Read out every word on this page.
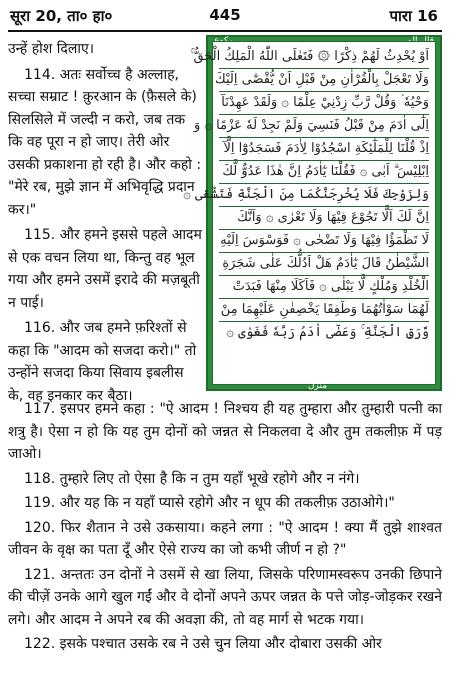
सूरा 20, ता० हा०	445	पारा 16

उन्हें होश दिलाए।

114. अतः सर्वोच्च है अल्लाह, सच्चा सम्राट ! क़ुरआन के (फ़ैसले के) सिलसिले में जल्दी न करो, जब तक कि वह पूरा न हो जाए। तेरी ओर उसकी प्रकाशना हो रही है। और कहो : "मेरे रब, मुझे ज्ञान में अभिवृद्धि प्रदान कर।"

115. और हमने इससे पहले आदम से एक वचन लिया था, किन्तु वह भूल गया और हमने उसमें इरादे की मज़बूती न पाई।

116. और जब हमने फ़रिश्तों से कहा कि "आदम को सजदा करो।" तो उन्होंने सजदा किया सिवाय इबलीस के, वह इनकार कर बैठा।

اَوْ يُحْدِثُ لَهُمْ ذِكْرًا ۞ فَتَعٰلَى اللّٰهُ الْمَلِكُ الْحَقُّ ۚ
وَلَا تَعْجَلْ بِالْقُرْاٰنِ مِنْ قَبْلِ اَنْ يُّقْضٰٓى اِلَيْكَ
وَحْيُهٗ ۡ وَقُلْ رَّبِّ زِدْنِيْ عِلْمًا ۞ وَلَقَدْ عَهِدْنَآ
اِلٰٓى اٰدَمَ مِنْ قَبْلُ فَنَسِيَ وَلَمْ نَجِدْ لَهٗ عَزْمًا ۞ وَ
اِذْ قُلْنَا لِلْمَلٰٓئِكَةِ اسْجُدُوْا لِاٰدَمَ فَسَجَدُوْٓا اِلَّآ
اِبْلِيْسَ ۗ اَبٰى ۞ فَقُلْنَا يٰٓاٰدَمُ اِنَّ هٰذَا عَدُوٌّ لَّكَ
وَلِزَوْجِكَ فَلَا يُخْرِجَنَّكُمَا مِنَ الْجَنَّةِ فَتَشْقٰى ۞
اِنَّ لَكَ اَلَّا تَجُوْعَ فِيْهَا وَلَا تَعْرٰى ۞ وَاَنَّكَ
لَا تَظْمَؤُا فِيْهَا وَلَا تَضْحٰى ۞ فَوَسْوَسَ اِلَيْهِ
الشَّيْطٰنُ قَالَ يٰٓاٰدَمُ هَلْ اَدُلُّكَ عَلٰى شَجَرَةِ
الْخُلْدِ وَمُلْكٍ لَّا يَبْلٰى ۞ فَاَكَلَا مِنْهَا فَبَدَتْ
لَهُمَا سَوْاٰتُهُمَا وَطَفِقَا يَخْصِفٰنِ عَلَيْهِمَا مِنْ
وَّرَقِ الْجَنَّةِ ۚ وَعَصٰٓى اٰدَمُ رَبَّهٗ فَغَوٰى ۞
منزل

117. इसपर हमने कहा : "ऐ आदम ! निश्चय ही यह तुम्हारा और तुम्हारी पत्नी का शत्रु है। ऐसा न हो कि यह तुम दोनों को जन्नत से निकलवा दे और तुम तकलीफ़ में पड़ जाओ।

118. तुम्हारे लिए तो ऐसा है कि न तुम यहाँ भूखे रहोगे और न नंगे।

119. और यह कि न यहाँ प्यासे रहोगे और न धूप की तकलीफ़ उठाओगे।"

120. फिर शैतान ने उसे उकसाया। कहने लगा : "ऐ आदम ! क्या मैं तुझे शाश्वत जीवन के वृक्ष का पता दूँ और ऐसे राज्य का जो कभी जीर्ण न हो ?"

121. अन्ततः उन दोनों ने उसमें से खा लिया, जिसके परिणामस्वरूप उनकी छिपाने की चीज़ें उनके आगे खुल गईं और वे दोनों अपने ऊपर जन्नत के पत्ते जोड़-जोड़कर रखने लगे। और आदम ने अपने रब की अवज्ञा की, तो वह मार्ग से भटक गया।

122. इसके पश्चात उसके रब ने उसे चुन लिया और दोबारा उसकी ओर
